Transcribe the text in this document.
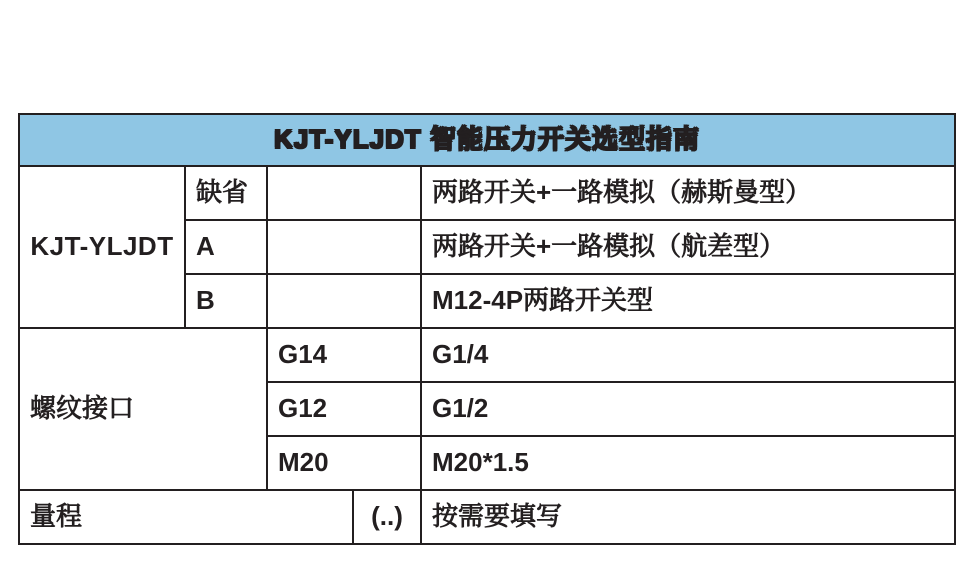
KJT-YLJDT 智能压力开关选型指南				
KJT-YLJDT	缺省			两路开关+一路模拟（赫斯曼型）
	A			两路开关+一路模拟（航差型）
	B			M12-4P两路开关型
螺纹接口		G14		G1/4
		G12		G1/2
		M20		M20*1.5
量程			(..)	按需要填写
